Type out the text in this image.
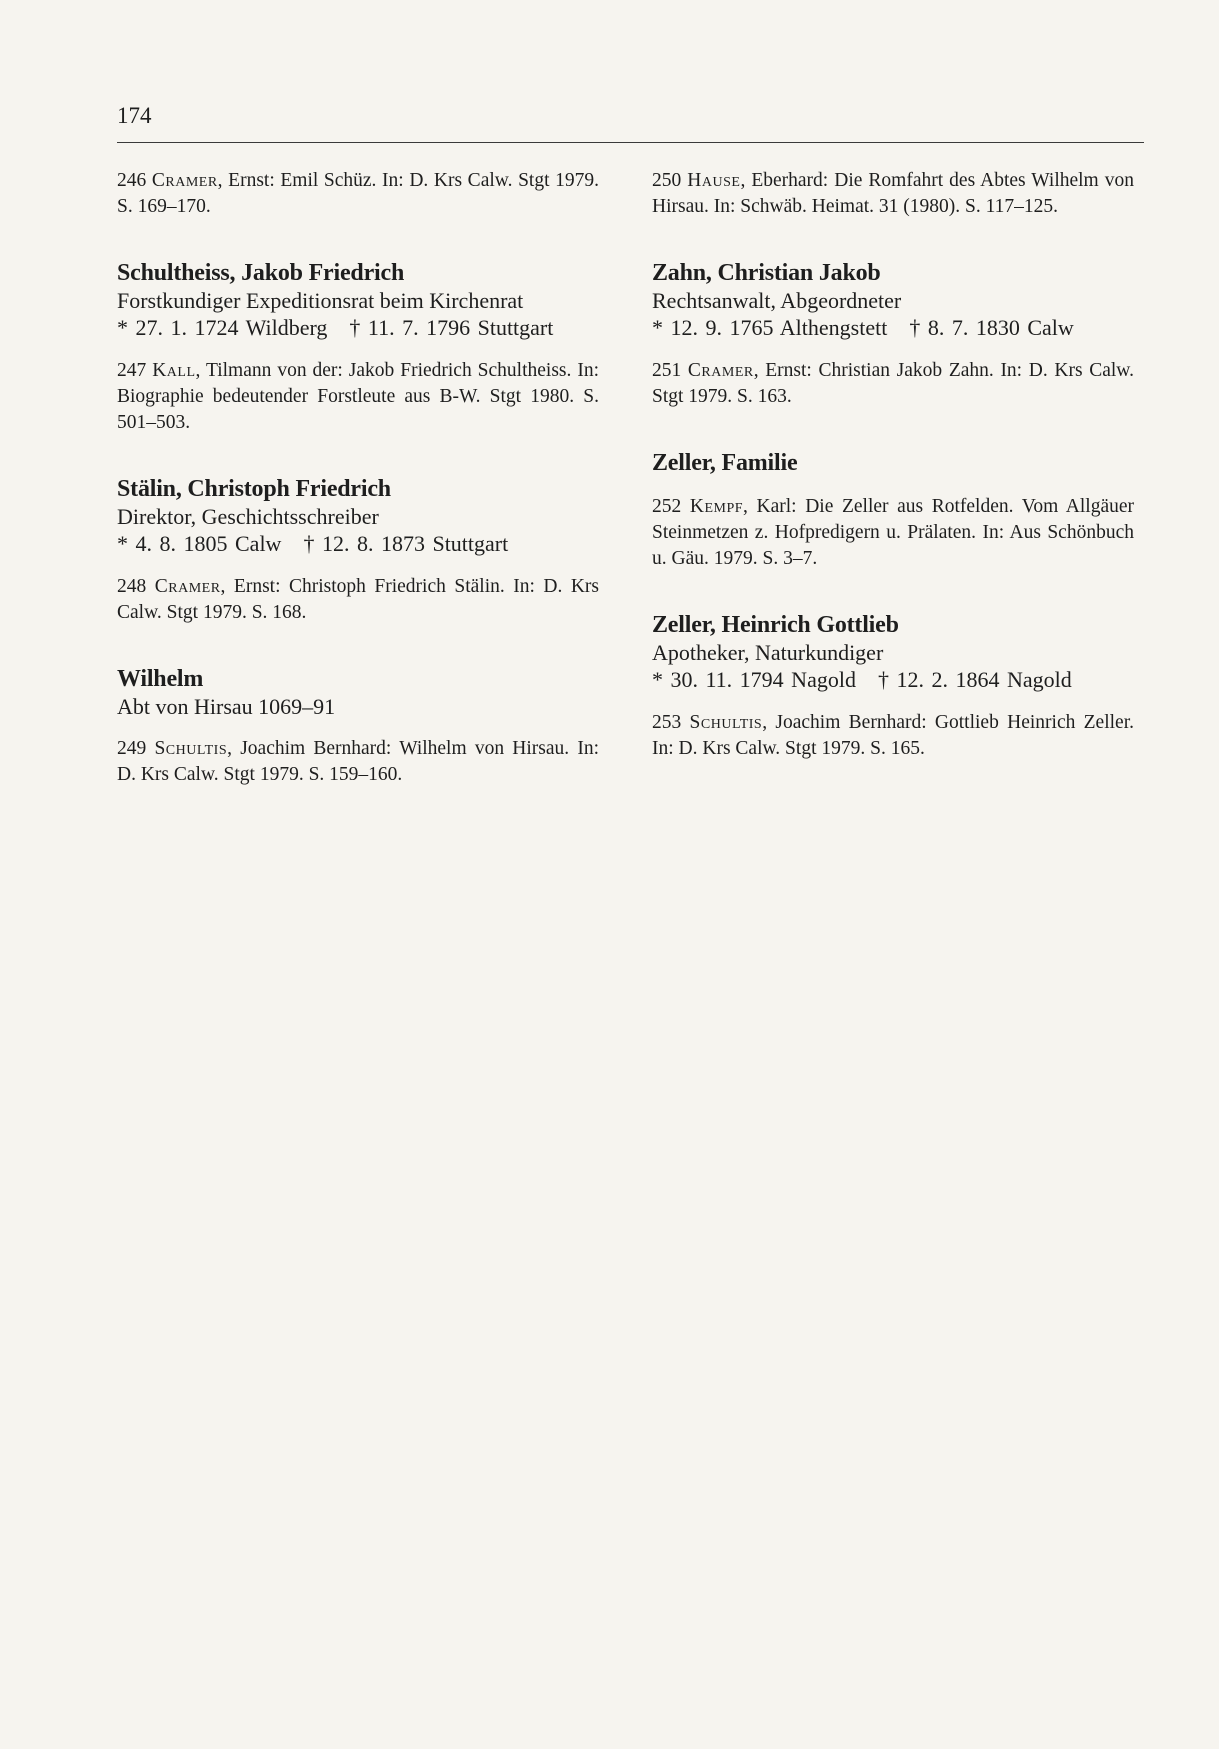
174

246 Cramer, Ernst: Emil Schüz. In: D. Krs Calw. Stgt 1979. S. 169–170.

Schultheiss, Jakob Friedrich
Forstkundiger Expeditionsrat beim Kirchenrat
* 27. 1. 1724 Wildberg † 11. 7. 1796 Stuttgart

247 Kall, Tilmann von der: Jakob Friedrich Schultheiss. In: Biographie bedeutender Forstleute aus B-W. Stgt 1980. S. 501–503.

Stälin, Christoph Friedrich
Direktor, Geschichtsschreiber
* 4. 8. 1805 Calw † 12. 8. 1873 Stuttgart

248 Cramer, Ernst: Christoph Friedrich Stälin. In: D. Krs Calw. Stgt 1979. S. 168.

Wilhelm
Abt von Hirsau 1069–91

249 Schultis, Joachim Bernhard: Wilhelm von Hirsau. In: D. Krs Calw. Stgt 1979. S. 159–160.

250 Hause, Eberhard: Die Romfahrt des Abtes Wilhelm von Hirsau. In: Schwäb. Heimat. 31 (1980). S. 117–125.

Zahn, Christian Jakob
Rechtsanwalt, Abgeordneter
* 12. 9. 1765 Althengstett † 8. 7. 1830 Calw

251 Cramer, Ernst: Christian Jakob Zahn. In: D. Krs Calw. Stgt 1979. S. 163.

Zeller, Familie

252 Kempf, Karl: Die Zeller aus Rotfelden. Vom Allgäuer Steinmetzen z. Hofpredigern u. Prälaten. In: Aus Schönbuch u. Gäu. 1979. S. 3–7.

Zeller, Heinrich Gottlieb
Apotheker, Naturkundiger
* 30. 11. 1794 Nagold † 12. 2. 1864 Nagold

253 Schultis, Joachim Bernhard: Gottlieb Heinrich Zeller. In: D. Krs Calw. Stgt 1979. S. 165.
